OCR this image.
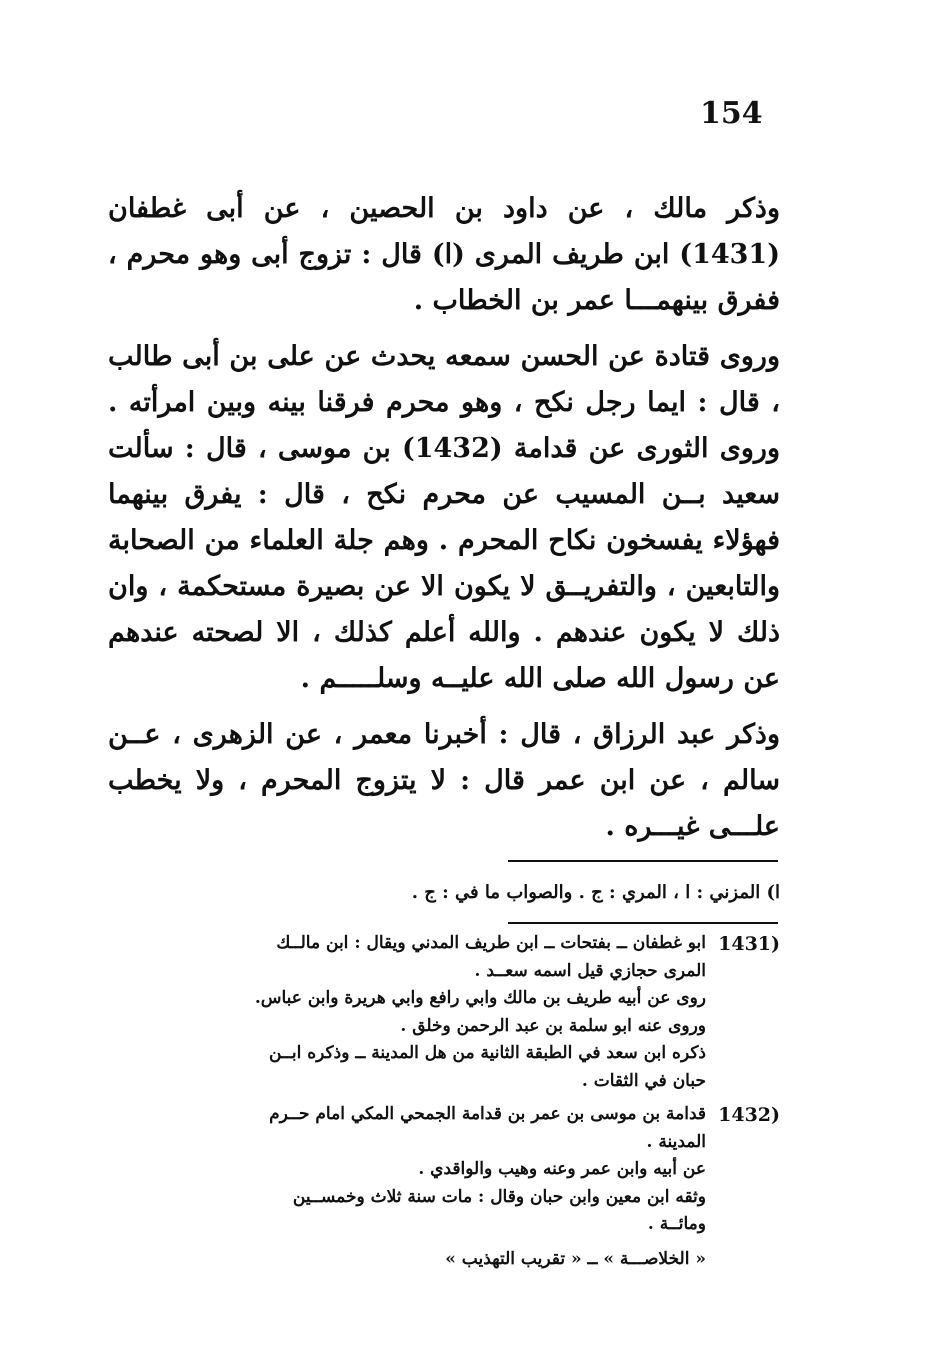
154

وذكر مالك ، عن داود بن الحصين ، عن أبى غطفان (1431) ابن طريف المرى (ا) قال : تزوج أبى وهو محرم ، ففرق بينهمـــا عمر بن الخطاب .

وروى قتادة عن الحسن سمعه يحدث عن على بن أبى طالب ، قال : ايما رجل نكح ، وهو محرم فرقنا بينه وبين امرأته . وروى الثورى عن قدامة (1432) بن موسى ، قال : سألت سعيد بــن المسيب عن محرم نكح ، قال : يفرق بينهما فهؤلاء يفسخون نكاح المحرم . وهم جلة العلماء من الصحابة والتابعين ، والتفريــق لا يكون الا عن بصيرة مستحكمة ، وان ذلك لا يكون عندهم . والله أعلم كذلك ، الا لصحته عندهم عن رسول الله صلى الله عليــه وسلـــــم .

وذكر عبد الرزاق ، قال : أخبرنا معمر ، عن الزهرى ، عــن سالم ، عن ابن عمر قال : لا يتزوج المحرم ، ولا يخطب علـــى غيـــره .

ا) المزني : ا ، المري : ج . والصواب ما في : ج .
1431)
ابو غطفان ــ بفتحات ــ ابن طريف المدني ويقال : ابن مالــك
المرى حجازي قيل اسمه سعــد .
روى عن أبيه طريف بن مالك وابي رافع وابي هريرة وابن عباس.
وروى عنه ابو سلمة بن عبد الرحمن وخلق .
ذكره ابن سعد في الطبقة الثانية من هل المدينة ــ وذكره ابــن
حبان في الثقات .
1432)
قدامة بن موسى بن عمر بن قدامة الجمحي المكي امام حــرم
المدينة .
عن أبيه وابن عمر وعنه وهيب والواقدي .
وثقه ابن معين وابن حبان وقال : مات سنة ثلاث وخمســين
ومائــة .
« الخلاصـــة » ــ « تقريب التهذيب »
